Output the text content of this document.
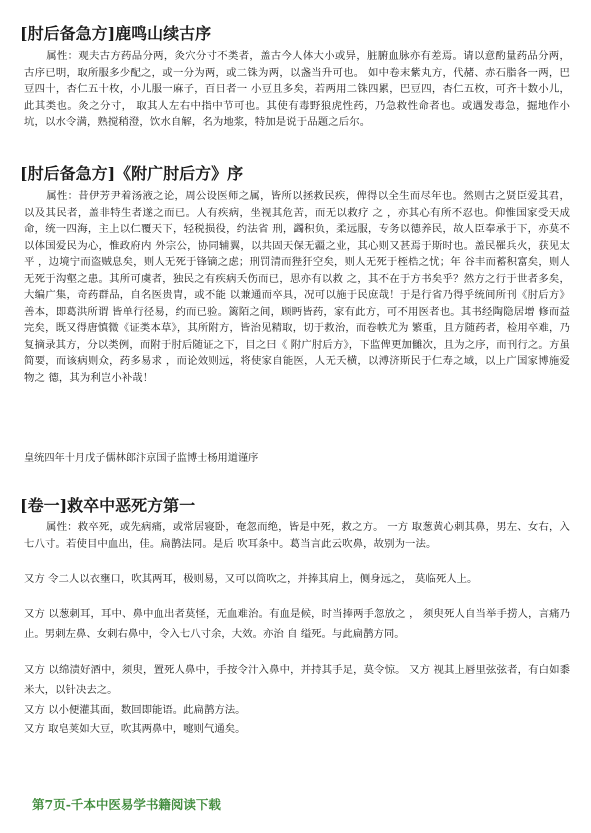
[肘后备急方]鹿鸣山续古序

属性：观夫古方药品分两，灸穴分寸不类者，盖古今人体大小或异，脏腑血脉亦有差焉。请以意酌量药品分两，古序已明，取所服多少配之，或一分为两，或二铢为两，以盏当升可也。 如中卷末紫丸方，代赭、赤石脂各一两，巴豆四十，杏仁五十枚，小儿服一麻子，百日者一 小豆且多矣，若两用二铢四累，巴豆四，杏仁五枚，可齐十数小儿，此其类也。灸之分寸， 取其人左右中指中节可也。其使有毒野狼虎性药，乃急救性命者也。或遇发毒急，掘地作小 坑，以水令满，熟搅稍澄，饮水自解，名为地浆，特加是说于品题之后尔。

[肘后备急方]《附广肘后方》序

属性：昔伊芳尹着汤液之论，周公设医师之属，皆所以拯救民疾，俾得以全生而尽年也。然则古之贤臣爱其君，以及其民者，盖非特生者遂之而已。人有疾病，坐视其危苦，而无以救疗 之 ，亦其心有所不忍也。仰惟国家受天成命，统一四海，主上以仁覆天下，轻税损役，约法省 刑，蠲积负，柔远服，专务以德养民，故人臣奉承于下，亦莫不以体国爱民为心，惟政府内 外宗公，协同辅翼，以共固天保无疆之业，其心则又甚焉于斯时也。盖民罹兵火，获见太平 ，边境宁而盗贼息矣，则人无死于锋镝之虑；刑罚清而狴犴空矣，则人无死于桎梏之忧；年 谷丰而蓄积富矣，则人无死于沟壑之患。其所可虞者，独民之有疾病夭伤而已，思亦有以救 之，其不在于方书矣乎？然方之行于世者多矣，大编广集，奇药群品，自名医贵胄，或不能 以兼通而卒具，况可以施于民庶哉！于是行省乃得乎统间所刊《肘后方》善本，即葛洪所谓 皆单行径易，约而已验。篱陌之间，顾眄皆药，家有此方，可不用医者也。其书经陶隐居增 修而益完矣，既又得唐慎微《证类本草》，其所附方，皆治见精取，切于救治，而卷帙尤为 繁重，且方随药者，检用卒难，乃复摘录其方，分以类例，而附于肘后随证之下，目之曰《 附广肘后方》，下监俾更加雠次，且为之序，而刊行之。方虽简要，而该病则众，药多易求 ，而论效则远，将使家自能医，人无夭横，以溥济斯民于仁寿之域，以上广国家博施爱物之 德，其为利岂小补哉！

皇统四年十月戊子儒林郎汴京国子监博士杨用道谨序

[卷一]救卒中恶死方第一

属性：救卒死，或先病痛，或常居寝卧，奄忽而绝，皆是中死，救之方。 一方 取葱黄心刺其鼻，男左、女右，入七八寸。若使目中血出，佳。扁鹊法同。是后 吹耳条中。葛当言此云吹鼻，故别为一法。

又方 令二人以衣壅口，吹其两耳，极则易，又可以筒吹之，并捧其肩上，侧身远之， 莫临死人上。

又方 以葱刺耳，耳中、鼻中血出者莫怪，无血难治。有血是候，时当捧两手忽放之 ， 须臾死人自当举手捞人，言痛乃止。男刺左鼻、女刺右鼻中，令入七八寸余，大效。亦治 自 缢死。与此扁鹊方同。

又方 以绵渍好酒中，须臾，置死人鼻中，手按令汁入鼻中，并持其手足，莫令惊。 又方 视其上唇里弦弦者，有白如黍米大，以针决去之。

又方 以小便灌其面，数回即能语。此扁鹊方法。

又方 取皂荚如大豆，吹其两鼻中，嚏则气通矣。

第7页-千本中医易学书籍阅读下载
